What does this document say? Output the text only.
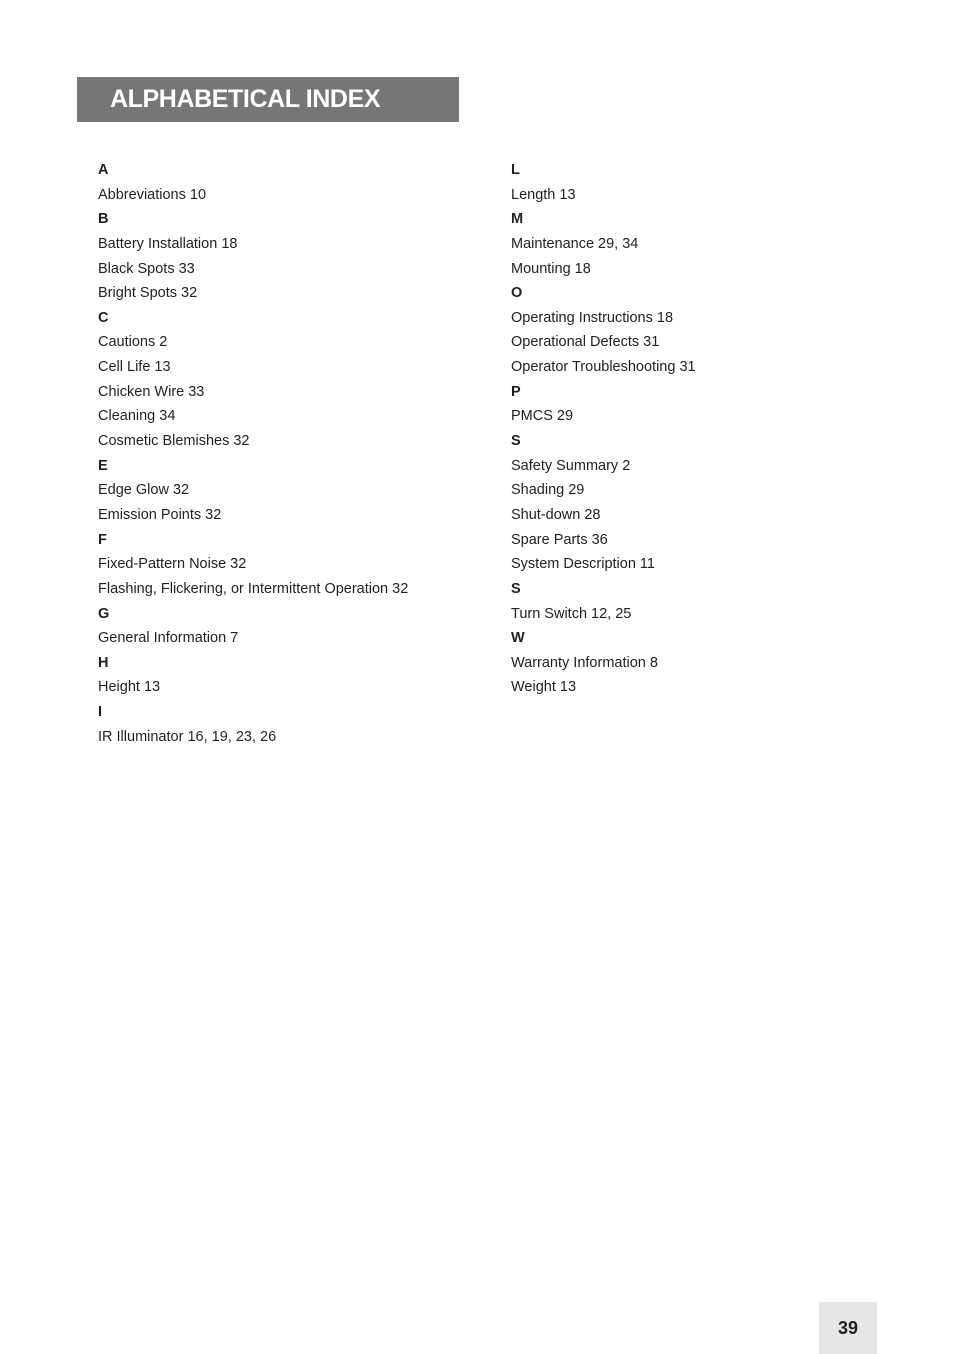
ALPHABETICAL INDEX
A
Abbreviations 10
B
Battery Installation 18
Black Spots 33
Bright Spots 32
C
Cautions 2
Cell Life 13
Chicken Wire 33
Cleaning 34
Cosmetic Blemishes 32
E
Edge Glow 32
Emission Points 32
F
Fixed-Pattern Noise 32
Flashing, Flickering, or Intermittent Operation 32
G
General Information 7
H
Height 13
I
IR Illuminator 16, 19, 23, 26
L
Length 13
M
Maintenance 29, 34
Mounting 18
O
Operating Instructions 18
Operational Defects 31
Operator Troubleshooting 31
P
PMCS 29
S
Safety Summary 2
Shading 29
Shut-down 28
Spare Parts 36
System Description 11
S
Turn Switch 12, 25
W
Warranty Information 8
Weight 13
39
